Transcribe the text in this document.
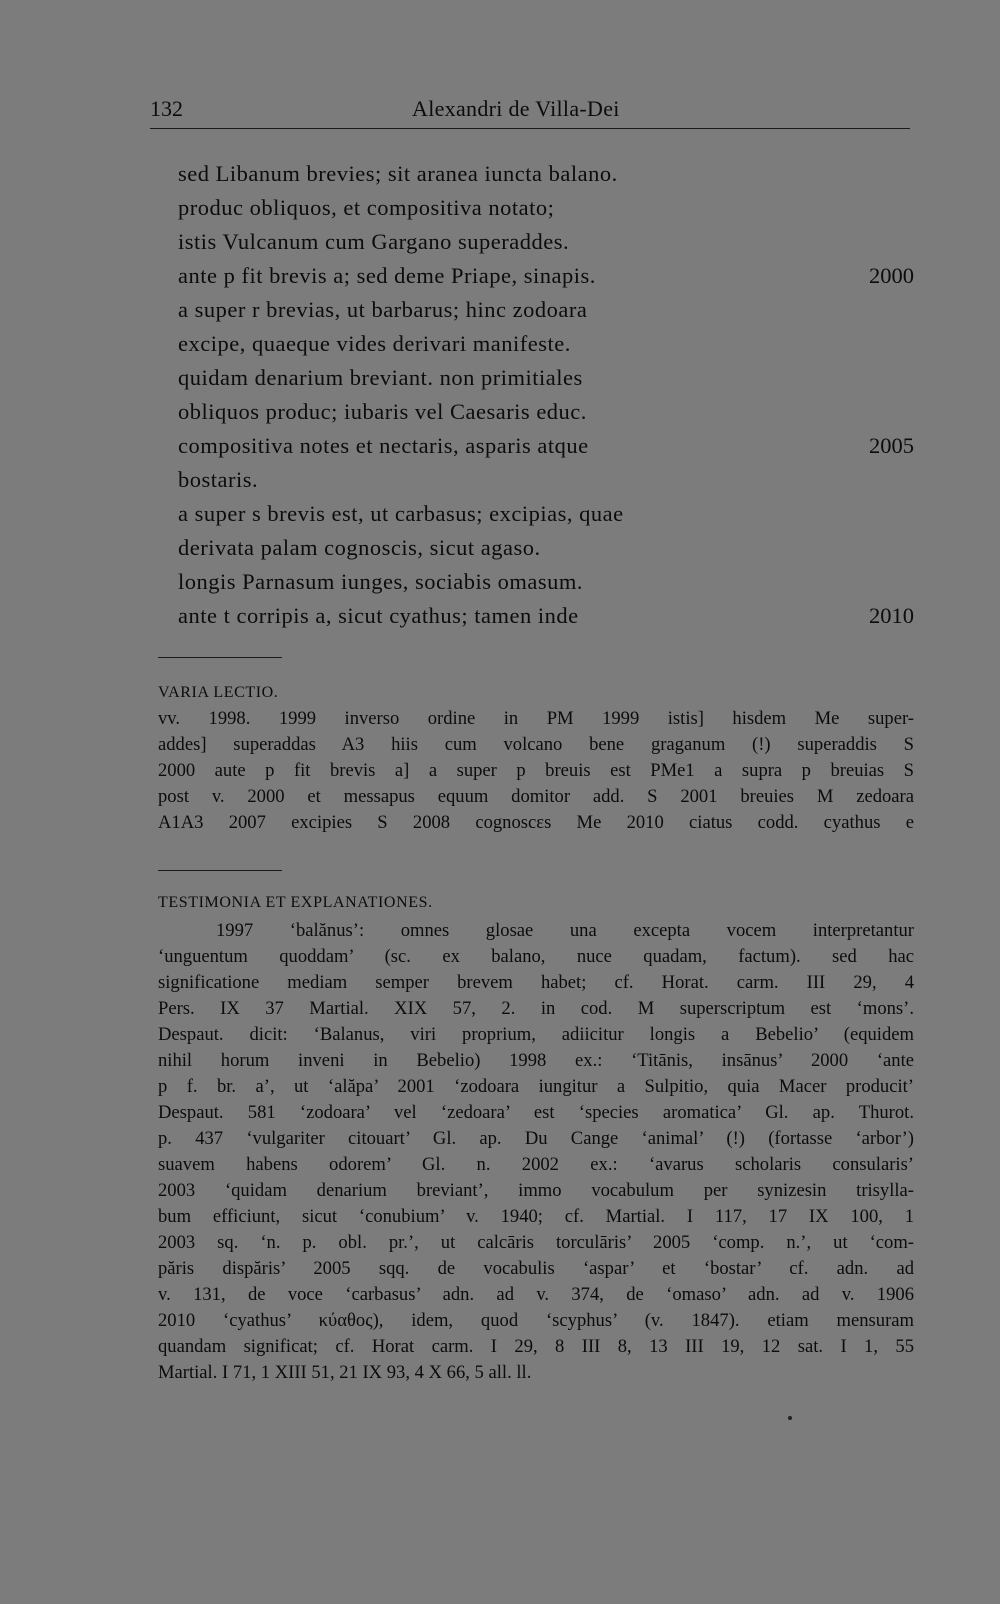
132	Alexandri de Villa-Dei
sed Libanum brevies; sit aranea iuncta balano.
produc obliquos, et compositiva notato;
istis Vulcanum cum Gargano superaddes.
ante p fit brevis a; sed deme Priape, sinapis.	2000
a super r brevias, ut barbarus; hinc zodoara
excipe, quaeque vides derivari manifeste.
quidam denarium breviant. non primitiales
obliquos produc; iubaris vel Caesaris educ.
compositiva notes et nectaris, asparis atque	2005
bostaris.
a super s brevis est, ut carbasus; excipias, quae
derivata palam cognoscis, sicut agaso.
longis Parnasum iunges, sociabis omasum.
ante t corripis a, sicut cyathus; tamen inde	2010
VARIA LECTIO.
vv. 1998. 1999 inverso ordine in PM 1999 istis] hisdem Me super-
addes] superaddas A3 hiis cum volcano bene graganum (!) superaddis S
2000 aute p fit brevis a] a super p breuis est PMe1 a supra p breuias S
post v. 2000 et messapus equum domitor add. S 2001 breuies M zedoara
A1A3 2007 excipies S 2008 cognoscεs Me 2010 ciatus codd. cyathus e
TESTIMONIA ET EXPLANATIONES.
1997 ‘balănus’: omnes glosae una excepta vocem interpretantur
‘unguentum quoddam’ (sc. ex balano, nuce quadam, factum). sed hac
significatione mediam semper brevem habet; cf. Horat. carm. III 29, 4
Pers. IX 37 Martial. XIX 57, 2. in cod. M superscriptum est ‘mons’.
Despaut. dicit: ‘Balanus, viri proprium, adiicitur longis a Bebelio’ (equidem
nihil horum inveni in Bebelio) 1998 ex.: ‘Titānis, insānus’ 2000 ‘ante
p f. br. a’, ut ‘alăpa’ 2001 ‘zodoara iungitur a Sulpitio, quia Macer producit’
Despaut. 581 ‘zodoara’ vel ‘zedoara’ est ‘species aromatica’ Gl. ap. Thurot.
p. 437 ‘vulgariter citouart’ Gl. ap. Du Cange ‘animal’ (!) (fortasse ‘arbor’)
suavem habens odorem’ Gl. n. 2002 ex.: ‘avarus scholaris consularis’
2003 ‘quidam denarium breviant’, immo vocabulum per synizesin trisylla-
bum efficiunt, sicut ‘conubium’ v. 1940; cf. Martial. I 117, 17 IX 100, 1
2003 sq. ‘n. p. obl. pr.’, ut calcāris torculāris’ 2005 ‘comp. n.’, ut ‘com-
păris dispăris’ 2005 sqq. de vocabulis ‘aspar’ et ‘bostar’ cf. adn. ad
v. 131, de voce ‘carbasus’ adn. ad v. 374, de ‘omaso’ adn. ad v. 1906
2010 ‘cyathus’ κύαθος), idem, quod ‘scyphus’ (v. 1847). etiam mensuram
quandam significat; cf. Horat carm. I 29, 8 III 8, 13 III 19, 12 sat. I 1, 55
Martial. I 71, 1 XIII 51, 21 IX 93, 4 X 66, 5 all. ll.
